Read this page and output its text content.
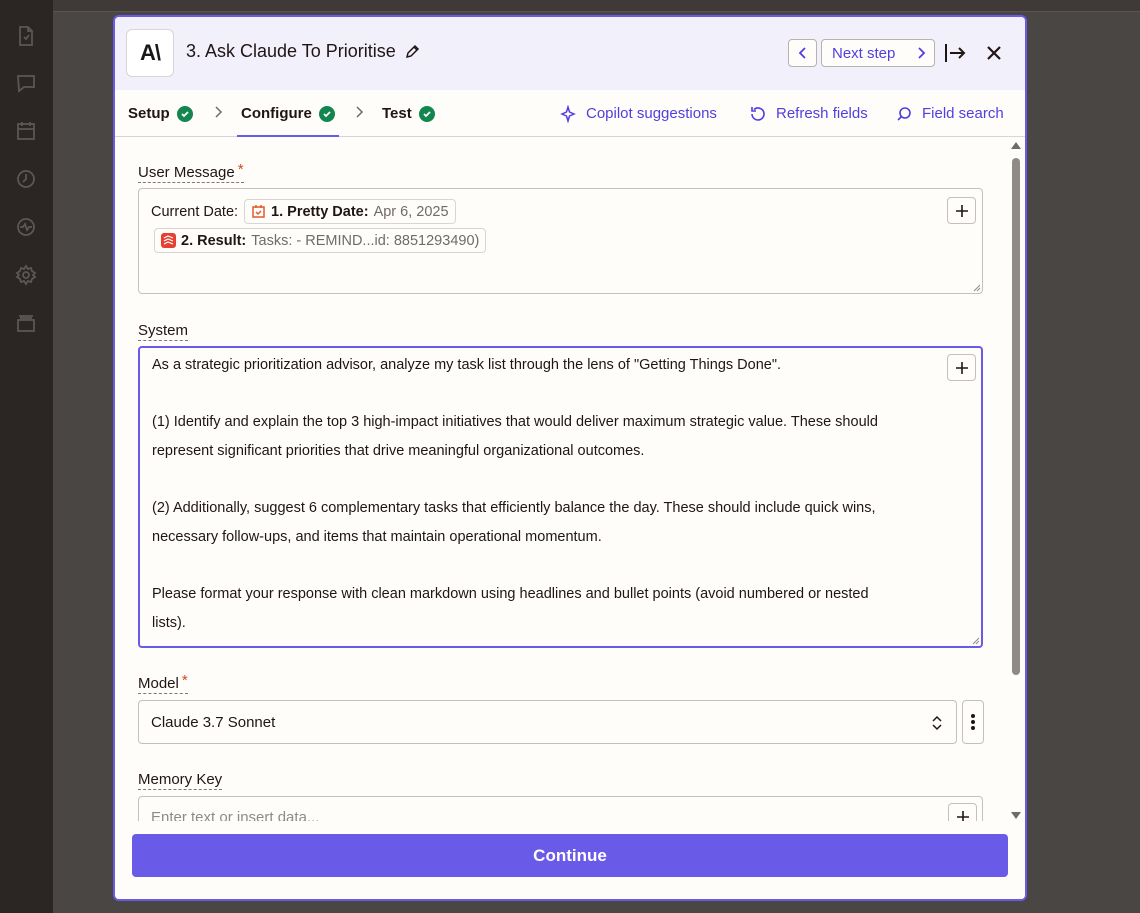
A\	3. Ask Claude To Prioritise	Next step
Setup	Configure	Test	Copilot suggestions	Refresh fields	Field search
User Message *
Current Date: 1. Pretty Date: Apr 6, 2025
2. Result: Tasks: - REMIND...id: 8851293490)
System
As a strategic prioritization advisor, analyze my task list through the lens of "Getting Things Done".
(1) Identify and explain the top 3 high-impact initiatives that would deliver maximum strategic value. These should
represent significant priorities that drive meaningful organizational outcomes.
(2) Additionally, suggest 6 complementary tasks that efficiently balance the day. These should include quick wins,
necessary follow-ups, and items that maintain operational momentum.
Please format your response with clean markdown using headlines and bullet points (avoid numbered or nested
lists).
Model *
Claude 3.7 Sonnet
Memory Key
Enter text or insert data...
Continue
